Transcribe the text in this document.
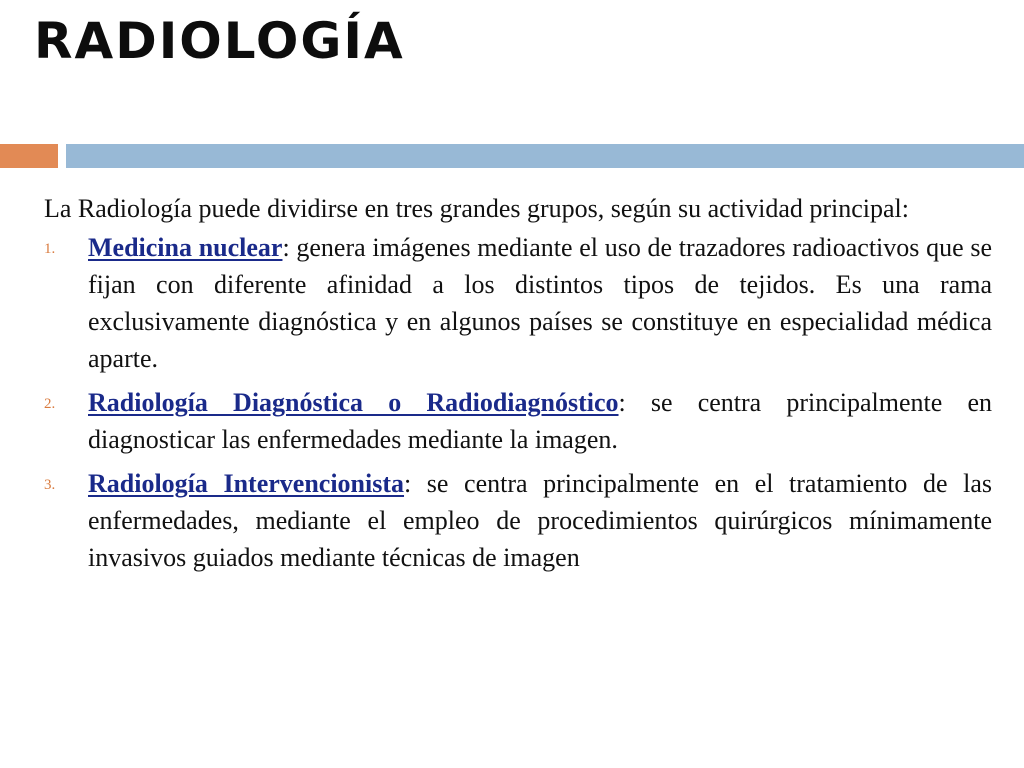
RADIOLOGÍA

La Radiología puede dividirse en tres grandes grupos, según su actividad principal:

1. Medicina nuclear: genera imágenes mediante el uso de trazadores radioactivos que se fijan con diferente afinidad a los distintos tipos de tejidos. Es una rama exclusivamente diagnóstica y en algunos países se constituye en especialidad médica aparte.
2. Radiología Diagnóstica o Radiodiagnóstico: se centra principalmente en diagnosticar las enfermedades mediante la imagen.
3. Radiología Intervencionista: se centra principalmente en el tratamiento de las enfermedades, mediante el empleo de procedimientos quirúrgicos mínimamente invasivos guiados mediante técnicas de imagen
